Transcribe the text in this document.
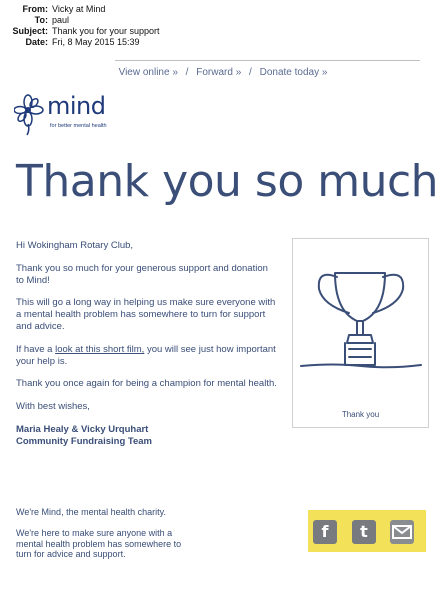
From: Vicky at Mind
To: paul
Subject: Thank you for your support
Date: Fri, 8 May 2015 15:39
View online » / Forward » / Donate today »
mind
for better mental health
Thank you so much

Hi Wokingham Rotary Club,

Thank you so much for your generous support and donation to Mind!

This will go a long way in helping us make sure everyone with a mental health problem has somewhere to turn for support and advice.

If have a look at this short film, you will see just how important your help is.

Thank you once again for being a champion for mental health.

With best wishes,

Maria Healy & Vicky Urquhart
Community Fundraising Team
Thank you

We're Mind, the mental health charity.

We're here to make sure anyone with a mental health problem has somewhere to turn for advice and support.

f	t
